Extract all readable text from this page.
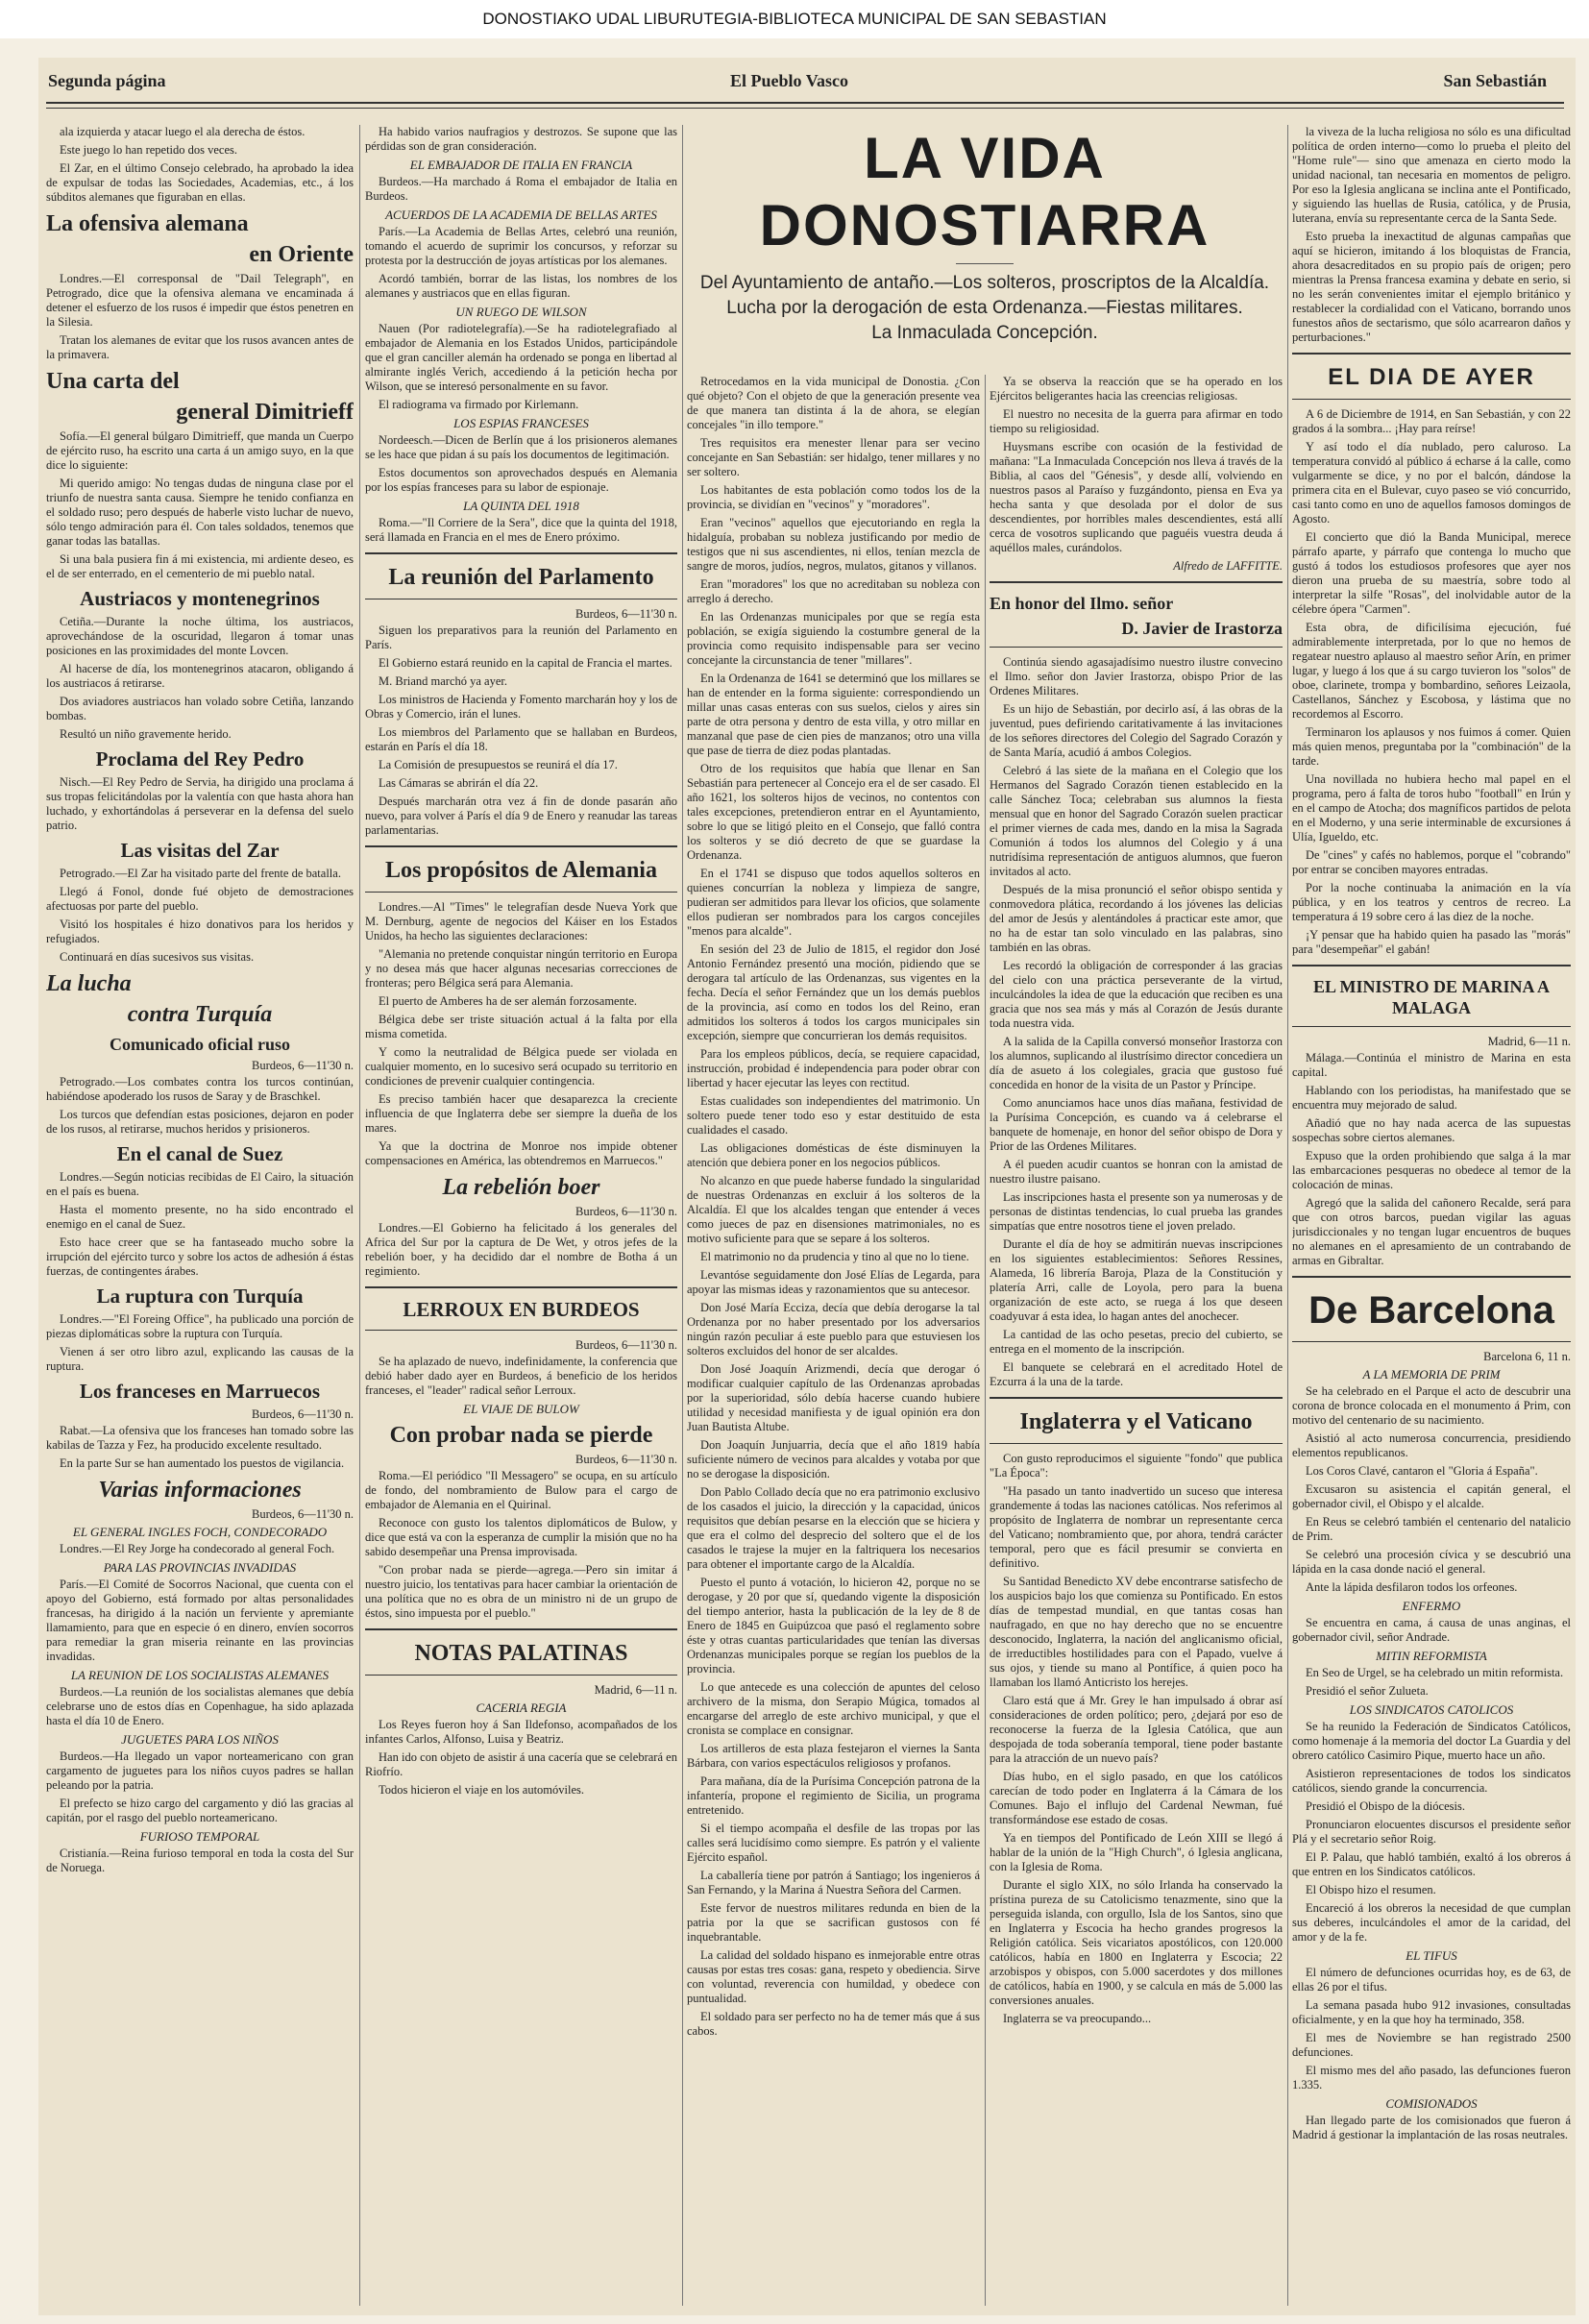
DONOSTIAKO UDAL LIBURUTEGIA-BIBLIOTECA MUNICIPAL DE SAN SEBASTIAN
Segunda página	El Pueblo Vasco	San Sebastián

ala izquierda y atacar luego el ala derecha de éstos.

Este juego lo han repetido dos veces.

El Zar, en el último Consejo celebrado, ha aprobado la idea de expulsar de todas las Sociedades, Academias, etc., á los súbditos alemanes que figuraban en ellas.

La ofensiva alemana
en Oriente

Londres.—El corresponsal de "Dail Telegraph", en Petrogrado, dice que la ofensiva alemana ve encaminada á detener el esfuerzo de los rusos é impedir que éstos penetren en la Silesia.

Tratan los alemanes de evitar que los rusos avancen antes de la primavera.

Una carta del
general Dimitrieff

Sofía.—El general búlgaro Dimitrieff, que manda un Cuerpo de ejército ruso, ha escrito una carta á un amigo suyo, en la que dice lo siguiente:

Mi querido amigo: No tengas dudas de ninguna clase por el triunfo de nuestra santa causa. Siempre he tenido confianza en el soldado ruso; pero después de haberle visto luchar de nuevo, sólo tengo admiración para él. Con tales soldados, tenemos que ganar todas las batallas.

Si una bala pusiera fin á mi existencia, mi ardiente deseo, es el de ser enterrado, en el cementerio de mi pueblo natal.

Austriacos y montenegrinos

Cetiña.—Durante la noche última, los austriacos, aprovechándose de la oscuridad, llegaron á tomar unas posiciones en las proximidades del monte Lovcen.

Al hacerse de día, los montenegrinos atacaron, obligando á los austriacos á retirarse.

Dos aviadores austriacos han volado sobre Cetiña, lanzando bombas.

Resultó un niño gravemente herido.

Proclama del Rey Pedro

Nisch.—El Rey Pedro de Servia, ha dirigido una proclama á sus tropas felicitándolas por la valentía con que hasta ahora han luchado, y exhortándolas á perseverar en la defensa del suelo patrio.

Las visitas del Zar

Petrogrado.—El Zar ha visitado parte del frente de batalla.

Llegó á Fonol, donde fué objeto de demostraciones afectuosas por parte del pueblo.

Visitó los hospitales é hizo donativos para los heridos y refugiados.

Continuará en días sucesivos sus visitas.

La lucha
contra Turquía
Comunicado oficial ruso
Burdeos, 6—11'30 n.

Petrogrado.—Los combates contra los turcos continúan, habiéndose apoderado los rusos de Saray y de Braschkel.

Los turcos que defendían estas posiciones, dejaron en poder de los rusos, al retirarse, muchos heridos y prisioneros.

En el canal de Suez

Londres.—Según noticias recibidas de El Cairo, la situación en el país es buena.

Hasta el momento presente, no ha sido encontrado el enemigo en el canal de Suez.

Esto hace creer que se ha fantaseado mucho sobre la irrupción del ejército turco y sobre los actos de adhesión á éstas fuerzas, de contingentes árabes.

La ruptura con Turquía

Londres.—"El Foreing Office", ha publicado una porción de piezas diplomáticas sobre la ruptura con Turquía.

Vienen á ser otro libro azul, explicando las causas de la ruptura.

Los franceses en Marruecos
Burdeos, 6—11'30 n.

Rabat.—La ofensiva que los franceses han tomado sobre las kabilas de Tazza y Fez, ha producido excelente resultado.

En la parte Sur se han aumentado los puestos de vigilancia.

Varias informaciones
Burdeos, 6—11'30 n.
EL GENERAL INGLES FOCH, CONDECORADO

Londres.—El Rey Jorge ha condecorado al general Foch.

PARA LAS PROVINCIAS INVADIDAS

París.—El Comité de Socorros Nacional, que cuenta con el apoyo del Gobierno, está formado por altas personalidades francesas, ha dirigido á la nación un ferviente y apremiante llamamiento, para que en especie ó en dinero, envíen socorros para remediar la gran miseria reinante en las provincias invadidas.

LA REUNION DE LOS SOCIALISTAS ALEMANES

Burdeos.—La reunión de los socialistas alemanes que debía celebrarse uno de estos días en Copenhague, ha sido aplazada hasta el día 10 de Enero.

JUGUETES PARA LOS NIÑOS

Burdeos.—Ha llegado un vapor norteamericano con gran cargamento de juguetes para los niños cuyos padres se hallan peleando por la patria.

El prefecto se hizo cargo del cargamento y dió las gracias al capitán, por el rasgo del pueblo norteamericano.

FURIOSO TEMPORAL

Cristianía.—Reina furioso temporal en toda la costa del Sur de Noruega.

Ha habido varios naufragios y destrozos. Se supone que las pérdidas son de gran consideración.

EL EMBAJADOR DE ITALIA EN FRANCIA

Burdeos.—Ha marchado á Roma el embajador de Italia en Burdeos.

ACUERDOS DE LA ACADEMIA DE BELLAS ARTES

París.—La Academia de Bellas Artes, celebró una reunión, tomando el acuerdo de suprimir los concursos, y reforzar su protesta por la destrucción de joyas artísticas por los alemanes.

Acordó también, borrar de las listas, los nombres de los alemanes y austriacos que en ellas figuran.

UN RUEGO DE WILSON

Nauen (Por radiotelegrafía).—Se ha radiotelegrafiado al embajador de Alemania en los Estados Unidos, participándole que el gran canciller alemán ha ordenado se ponga en libertad al almirante inglés Verich, accediendo á la petición hecha por Wilson, que se interesó personalmente en su favor.

El radiograma va firmado por Kirlemann.

LOS ESPIAS FRANCESES

Nordeesch.—Dicen de Berlín que á los prisioneros alemanes se les hace que pidan á su país los documentos de legitimación.

Estos documentos son aprovechados después en Alemania por los espías franceses para su labor de espionaje.

LA QUINTA DEL 1918

Roma.—"Il Corriere de la Sera", dice que la quinta del 1918, será llamada en Francia en el mes de Enero próximo.

La reunión del Parlamento
Burdeos, 6—11'30 n.

Siguen los preparativos para la reunión del Parlamento en París.

El Gobierno estará reunido en la capital de Francia el martes.

M. Briand marchó ya ayer.

Los ministros de Hacienda y Fomento marcharán hoy y los de Obras y Comercio, irán el lunes.

Los miembros del Parlamento que se hallaban en Burdeos, estarán en París el día 18.

La Comisión de presupuestos se reunirá el día 17.

Las Cámaras se abrirán el día 22.

Después marcharán otra vez á fin de donde pasarán año nuevo, para volver á París el día 9 de Enero y reanudar las tareas parlamentarias.

Los propósitos de Alemania

Londres.—Al "Times" le telegrafían desde Nueva York que M. Dernburg, agente de negocios del Káiser en los Estados Unidos, ha hecho las siguientes declaraciones:

"Alemania no pretende conquistar ningún territorio en Europa y no desea más que hacer algunas necesarias correcciones de fronteras; pero Bélgica será para Alemania.

El puerto de Amberes ha de ser alemán forzosamente.

Bélgica debe ser triste situación actual á la falta por ella misma cometida.

Y como la neutralidad de Bélgica puede ser violada en cualquier momento, en lo sucesivo será ocupado su territorio en condiciones de prevenir cualquier contingencia.

Es preciso también hacer que desaparezca la creciente influencia de que Inglaterra debe ser siempre la dueña de los mares.

Ya que la doctrina de Monroe nos impide obtener compensaciones en América, las obtendremos en Marruecos."

La rebelión boer
Burdeos, 6—11'30 n.

Londres.—El Gobierno ha felicitado á los generales del Africa del Sur por la captura de De Wet, y otros jefes de la rebelión boer, y ha decidido dar el nombre de Botha á un regimiento.

LERROUX EN BURDEOS
Burdeos, 6—11'30 n.

Se ha aplazado de nuevo, indefinidamente, la conferencia que debió haber dado ayer en Burdeos, á beneficio de los heridos franceses, el "leader" radical señor Lerroux.

EL VIAJE DE BULOW
Con probar nada se pierde
Burdeos, 6—11'30 n.

Roma.—El periódico "Il Messagero" se ocupa, en su artículo de fondo, del nombramiento de Bulow para el cargo de embajador de Alemania en el Quirinal.

Reconoce con gusto los talentos diplomáticos de Bulow, y dice que está va con la esperanza de cumplir la misión que no ha sabido desempeñar una Prensa improvisada.

"Con probar nada se pierde—agrega.—Pero sin imitar á nuestro juicio, los tentativas para hacer cambiar la orientación de una política que no es obra de un ministro ni de un grupo de éstos, sino impuesta por el pueblo."

NOTAS PALATINAS
Madrid, 6—11 n.
CACERIA REGIA

Los Reyes fueron hoy á San Ildefonso, acompañados de los infantes Carlos, Alfonso, Luisa y Beatriz.

Han ido con objeto de asistir á una cacería que se celebrará en Riofrío.

Todos hicieron el viaje en los automóviles.

LA VIDA DONOSTIARRA
Del Ayuntamiento de antaño.—Los solteros, proscriptos de la Alcaldía.
Lucha por la derogación de esta Ordenanza.—Fiestas militares.
La Inmaculada Concepción.

Retrocedamos en la vida municipal de Donostia. ¿Con qué objeto? Con el objeto de que la generación presente vea de que manera tan distinta á la de ahora, se elegían concejales "in illo tempore."

Tres requisitos era menester llenar para ser vecino concejante en San Sebastián: ser hidalgo, tener millares y no ser soltero.

Los habitantes de esta población como todos los de la provincia, se dividían en "vecinos" y "moradores".

Eran "vecinos" aquellos que ejecutoriando en regla la hidalguía, probaban su nobleza justificando por medio de testigos que ni sus ascendientes, ni ellos, tenían mezcla de sangre de moros, judíos, negros, mulatos, gitanos y villanos.

Eran "moradores" los que no acreditaban su nobleza con arreglo á derecho.

En las Ordenanzas municipales por que se regía esta población, se exigía siguiendo la costumbre general de la provincia como requisito indispensable para ser vecino concejante la circunstancia de tener "millares".

En la Ordenanza de 1641 se determinó que los millares se han de entender en la forma siguiente: correspondiendo un millar unas casas enteras con sus suelos, cielos y aires sin parte de otra persona y dentro de esta villa, y otro millar en manzanal que pase de cien pies de manzanos; otro una villa que pase de tierra de diez podas plantadas.

Otro de los requisitos que había que llenar en San Sebastián para pertenecer al Concejo era el de ser casado. El año 1621, los solteros hijos de vecinos, no contentos con tales excepciones, pretendieron entrar en el Ayuntamiento, sobre lo que se litigó pleito en el Consejo, que falló contra los solteros y se dió decreto de que se guardase la Ordenanza.

En el 1741 se dispuso que todos aquellos solteros en quienes concurrían la nobleza y limpieza de sangre, pudieran ser admitidos para llevar los oficios, que solamente ellos pudieran ser nombrados para los cargos concejiles "menos para alcalde".

En sesión del 23 de Julio de 1815, el regidor don José Antonio Fernández presentó una moción, pidiendo que se derogara tal artículo de las Ordenanzas, sus vigentes en la fecha. Decía el señor Fernández que un los demás pueblos de la provincia, así como en todos los del Reino, eran admitidos los solteros á todos los cargos municipales sin excepción, siempre que concurrieran los demás requisitos.

Para los empleos públicos, decía, se requiere capacidad, instrucción, probidad é independencia para poder obrar con libertad y hacer ejecutar las leyes con rectitud.

Estas cualidades son independientes del matrimonio. Un soltero puede tener todo eso y estar destituido de esta cualidades el casado.

Las obligaciones domésticas de éste disminuyen la atención que debiera poner en los negocios públicos.

No alcanzo en que puede haberse fundado la singularidad de nuestras Ordenanzas en excluir á los solteros de la Alcaldía. El que los alcaldes tengan que entender á veces como jueces de paz en disensiones matrimoniales, no es motivo suficiente para que se separe á los solteros.

El matrimonio no da prudencia y tino al que no lo tiene.

Levantóse seguidamente don José Elías de Legarda, para apoyar las mismas ideas y razonamientos que su antecesor.

Don José María Ecciza, decía que debía derogarse la tal Ordenanza por no haber presentado por los adversarios ningún razón peculiar á este pueblo para que estuviesen los solteros excluidos del honor de ser alcaldes.

Don José Joaquín Arizmendi, decía que derogar ó modificar cualquier capítulo de las Ordenanzas aprobadas por la superioridad, sólo debía hacerse cuando hubiere utilidad y necesidad manifiesta y de igual opinión era don Juan Bautista Altube.

Don Joaquín Junjuarria, decía que el año 1819 había suficiente número de vecinos para alcaldes y votaba por que no se derogase la disposición.

Don Pablo Collado decía que no era patrimonio exclusivo de los casados el juicio, la dirección y la capacidad, únicos requisitos que debían pesarse en la elección que se hiciera y que era el colmo del desprecio del soltero que el de los casados le trajese la mujer en la faltriquera los necesarios para obtener el importante cargo de la Alcaldía.

Puesto el punto á votación, lo hicieron 42, porque no se derogase, y 20 por que sí, quedando vigente la disposición del tiempo anterior, hasta la publicación de la ley de 8 de Enero de 1845 en Guipúzcoa que pasó el reglamento sobre éste y otras cuantas particularidades que tenían las diversas Ordenanzas municipales porque se regían los pueblos de la provincia.

Lo que antecede es una colección de apuntes del celoso archivero de la misma, don Serapio Múgica, tomados al encargarse del arreglo de este archivo municipal, y que el cronista se complace en consignar.

Los artilleros de esta plaza festejaron el viernes la Santa Bárbara, con varios espectáculos religiosos y profanos.

Para mañana, día de la Purísima Concepción patrona de la infantería, propone el regimiento de Sicilia, un programa entretenido.

Si el tiempo acompaña el desfile de las tropas por las calles será lucidísimo como siempre. Es patrón y el valiente Ejército español.

La caballería tiene por patrón á Santiago; los ingenieros á San Fernando, y la Marina á Nuestra Señora del Carmen.

Este fervor de nuestros militares redunda en bien de la patria por la que se sacrifican gustosos con fé inquebrantable.

La calidad del soldado hispano es inmejorable entre otras causas por estas tres cosas: gana, respeto y obediencia. Sirve con voluntad, reverencia con humildad, y obedece con puntualidad.

El soldado para ser perfecto no ha de temer más que á sus cabos.

Ya se observa la reacción que se ha operado en los Ejércitos beligerantes hacia las creencias religiosas.

El nuestro no necesita de la guerra para afirmar en todo tiempo su religiosidad.

Huysmans escribe con ocasión de la festividad de mañana: "La Inmaculada Concepción nos lleva á través de la Biblia, al caos del "Génesis", y desde allí, volviendo en nuestros pasos al Paraíso y fuzgándonto, piensa en Eva ya hecha santa y que desolada por el dolor de sus descendientes, por horribles males descendientes, está allí cerca de vosotros suplicando que paguéis vuestra deuda á aquéllos males, curándolos.

Alfredo de LAFFITTE.
En honor del Ilmo. señor
D. Javier de Irastorza

Continúa siendo agasajadísimo nuestro ilustre convecino el Ilmo. señor don Javier Irastorza, obispo Prior de las Ordenes Militares.

Es un hijo de Sebastián, por decirlo así, á las obras de la juventud, pues defiriendo caritativamente á las invitaciones de los señores directores del Colegio del Sagrado Corazón y de Santa María, acudió á ambos Colegios.

Celebró á las siete de la mañana en el Colegio que los Hermanos del Sagrado Corazón tienen establecido en la calle Sánchez Toca; celebraban sus alumnos la fiesta mensual que en honor del Sagrado Corazón suelen practicar el primer viernes de cada mes, dando en la misa la Sagrada Comunión á todos los alumnos del Colegio y á una nutridísima representación de antiguos alumnos, que fueron invitados al acto.

Después de la misa pronunció el señor obispo sentida y conmovedora plática, recordando á los jóvenes las delicias del amor de Jesús y alentándoles á practicar este amor, que no ha de estar tan solo vinculado en las palabras, sino también en las obras.

Les recordó la obligación de corresponder á las gracias del cielo con una práctica perseverante de la virtud, inculcándoles la idea de que la educación que reciben es una gracia que nos sea más y más al Corazón de Jesús durante toda nuestra vida.

A la salida de la Capilla conversó monseñor Irastorza con los alumnos, suplicando al ilustrísimo director concediera un día de asueto á los colegiales, gracia que gustoso fué concedida en honor de la visita de un Pastor y Príncipe.

Como anunciamos hace unos días mañana, festividad de la Purísima Concepción, es cuando va á celebrarse el banquete de homenaje, en honor del señor obispo de Dora y Prior de las Ordenes Militares.

A él pueden acudir cuantos se honran con la amistad de nuestro ilustre paisano.

Las inscripciones hasta el presente son ya numerosas y de personas de distintas tendencias, lo cual prueba las grandes simpatías que entre nosotros tiene el joven prelado.

Durante el día de hoy se admitirán nuevas inscripciones en los siguientes establecimientos: Señores Ressines, Alameda, 16 librería Baroja, Plaza de la Constitución y platería Arri, calle de Loyola, pero para la buena organización de este acto, se ruega á los que deseen coadyuvar á esta idea, lo hagan antes del anochecer.

La cantidad de las ocho pesetas, precio del cubierto, se entrega en el momento de la inscripción.

El banquete se celebrará en el acreditado Hotel de Ezcurra á la una de la tarde.

Inglaterra y el Vaticano

Con gusto reproducimos el siguiente "fondo" que publica "La Época":

"Ha pasado un tanto inadvertido un suceso que interesa grandemente á todas las naciones católicas. Nos referimos al propósito de Inglaterra de nombrar un representante cerca del Vaticano; nombramiento que, por ahora, tendrá carácter temporal, pero que es fácil presumir se convierta en definitivo.

Su Santidad Benedicto XV debe encontrarse satisfecho de los auspicios bajo los que comienza su Pontificado. En estos días de tempestad mundial, en que tantas cosas han naufragado, en que no hay derecho que no se encuentre desconocido, Inglaterra, la nación del anglicanismo oficial, de irreductibles hostilidades para con el Papado, vuelve á sus ojos, y tiende su mano al Pontífice, á quien poco ha llamaban los llamó Anticristo los herejes.

Claro está que á Mr. Grey le han impulsado á obrar así consideraciones de orden político; pero, ¿dejará por eso de reconocerse la fuerza de la Iglesia Católica, que aun despojada de toda soberanía temporal, tiene poder bastante para la atracción de un nuevo país?

Días hubo, en el siglo pasado, en que los católicos carecían de todo poder en Inglaterra á la Cámara de los Comunes. Bajo el influjo del Cardenal Newman, fué transformándose ese estado de cosas.

Ya en tiempos del Pontificado de León XIII se llegó á hablar de la unión de la "High Church", ó Iglesia anglicana, con la Iglesia de Roma.

Durante el siglo XIX, no sólo Irlanda ha conservado la prístina pureza de su Catolicismo tenazmente, sino que la perseguida islanda, con orgullo, Isla de los Santos, sino que en Inglaterra y Escocia ha hecho grandes progresos la Religión católica. Seis vicariatos apostólicos, con 120.000 católicos, había en 1800 en Inglaterra y Escocia; 22 arzobispos y obispos, con 5.000 sacerdotes y dos millones de católicos, había en 1900, y se calcula en más de 5.000 las conversiones anuales.

Inglaterra se va preocupando...

la viveza de la lucha religiosa no sólo es una dificultad política de orden interno—como lo prueba el pleito del "Home rule"— sino que amenaza en cierto modo la unidad nacional, tan necesaria en momentos de peligro. Por eso la Iglesia anglicana se inclina ante el Pontificado, y siguiendo las huellas de Rusia, católica, y de Prusia, luterana, envía su representante cerca de la Santa Sede.

Esto prueba la inexactitud de algunas campañas que aquí se hicieron, imitando á los bloquistas de Francia, ahora desacreditados en su propio país de origen; pero mientras la Prensa francesa examina y debate en serio, si no les serán convenientes imitar el ejemplo británico y restablecer la cordialidad con el Vaticano, borrando unos funestos años de sectarismo, que sólo acarrearon daños y perturbaciones."

EL DIA DE AYER

A 6 de Diciembre de 1914, en San Sebastián, y con 22 grados á la sombra... ¡Hay para reírse!

Y así todo el día nublado, pero caluroso. La temperatura convidó al público á echarse á la calle, como vulgarmente se dice, y no por el balcón, dándose la primera cita en el Bulevar, cuyo paseo se vió concurrido, casi tanto como en uno de aquellos famosos domingos de Agosto.

El concierto que dió la Banda Municipal, merece párrafo aparte, y párrafo que contenga lo mucho que gustó á todos los estudiosos profesores que ayer nos dieron una prueba de su maestría, sobre todo al interpretar la silfe "Rosas", del inolvidable autor de la célebre ópera "Carmen".

Esta obra, de dificilísima ejecución, fué admirablemente interpretada, por lo que no hemos de regatear nuestro aplauso al maestro señor Arín, en primer lugar, y luego á los que á su cargo tuvieron los "solos" de oboe, clarinete, trompa y bombardino, señores Leizaola, Castellanos, Sánchez y Escobosa, y lástima que no recordemos al Escorro.

Terminaron los aplausos y nos fuimos á comer. Quien más quien menos, preguntaba por la "combinación" de la tarde.

Una novillada no hubiera hecho mal papel en el programa, pero á falta de toros hubo "football" en Irún y en el campo de Atocha; dos magníficos partidos de pelota en el Moderno, y una serie interminable de excursiones á Ulía, Igueldo, etc.

De "cines" y cafés no hablemos, porque el "cobrando" por entrar se conciben mayores entradas.

Por la noche continuaba la animación en la vía pública, y en los teatros y centros de recreo. La temperatura á 19 sobre cero á las diez de la noche.

¡Y pensar que ha habido quien ha pasado las "morás" para "desempeñar" el gabán!

EL MINISTRO DE MARINA A MALAGA
Madrid, 6—11 n.

Málaga.—Continúa el ministro de Marina en esta capital.

Hablando con los periodistas, ha manifestado que se encuentra muy mejorado de salud.

Añadió que no hay nada acerca de las supuestas sospechas sobre ciertos alemanes.

Expuso que la orden prohibiendo que salga á la mar las embarcaciones pesqueras no obedece al temor de la colocación de minas.

Agregó que la salida del cañonero Recalde, será para que con otros barcos, puedan vigilar las aguas jurisdiccionales y no tengan lugar encuentros de buques no alemanes en el apresamiento de un contrabando de armas en Gibraltar.

De Barcelona
Barcelona 6, 11 n.
A LA MEMORIA DE PRIM

Se ha celebrado en el Parque el acto de descubrir una corona de bronce colocada en el monumento á Prim, con motivo del centenario de su nacimiento.

Asistió al acto numerosa concurrencia, presidiendo elementos republicanos.

Los Coros Clavé, cantaron el "Gloria á España".

Excusaron su asistencia el capitán general, el gobernador civil, el Obispo y el alcalde.

En Reus se celebró también el centenario del natalicio de Prim.

Se celebró una procesión cívica y se descubrió una lápida en la casa donde nació el general.

Ante la lápida desfilaron todos los orfeones.

ENFERMO

Se encuentra en cama, á causa de unas anginas, el gobernador civil, señor Andrade.

MITIN REFORMISTA

En Seo de Urgel, se ha celebrado un mitin reformista.

Presidió el señor Zulueta.

LOS SINDICATOS CATOLICOS

Se ha reunido la Federación de Sindicatos Católicos, como homenaje á la memoria del doctor La Guardia y del obrero católico Casimiro Pique, muerto hace un año.

Asistieron representaciones de todos los sindicatos católicos, siendo grande la concurrencia.

Presidió el Obispo de la diócesis.

Pronunciaron elocuentes discursos el presidente señor Plá y el secretario señor Roig.

El P. Palau, que habló también, exaltó á los obreros á que entren en los Sindicatos católicos.

El Obispo hizo el resumen.

Encareció á los obreros la necesidad de que cumplan sus deberes, inculcándoles el amor de la caridad, del amor y de la fe.

EL TIFUS

El número de defunciones ocurridas hoy, es de 63, de ellas 26 por el tifus.

La semana pasada hubo 912 invasiones, consultadas oficialmente, y en la que hoy ha terminado, 358.

El mes de Noviembre se han registrado 2500 defunciones.

El mismo mes del año pasado, las defunciones fueron 1.335.

COMISIONADOS

Han llegado parte de los comisionados que fueron á Madrid á gestionar la implantación de las rosas neutrales.
